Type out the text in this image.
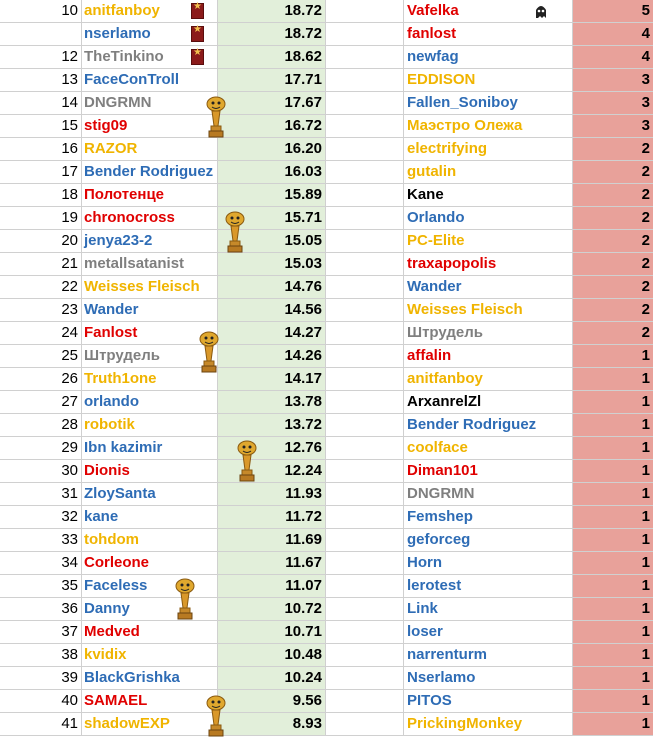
10 anitfanboy	18.72	Vafelka	5
nserlamo	18.72	fanlost	4
12 TheTinkino	18.62	newfag	4
13 FaceConTroll	17.71	EDDISON	3
14 DNGRMN	17.67	Fallen_Soniboy	3
15 stig09	16.72	Маэстро Олежа	3
16 RAZOR	16.20	electrifying	2
17 Bender Rodriguez	16.03	gutalin	2
18 Полотенце	15.89	Kane	2
19 chronocross	15.71	Orlando	2
20 jenya23-2	15.05	PC-Elite	2
21 metallsatanist	15.03	traxapopolis	2
22 Weisses Fleisch	14.76	Wander	2
23 Wander	14.56	Weisses Fleisch	2
24 Fanlost	14.27	Штрудель	2
25 Штрудель	14.26	affalin	1
26 Truth1one	14.17	anitfanboy	1
27 orlando	13.78	ArxanrelZl	1
28 robotik	13.72	Bender Rodriguez	1
29 Ibn kazimir	12.76	coolface	1
30 Dionis	12.24	Diman101	1
31 ZloySanta	11.93	DNGRMN	1
32 kane	11.72	Femshep	1
33 tohdom	11.69	geforceg	1
34 Corleone	11.67	Horn	1
35 Faceless	11.07	lerotest	1
36 Danny	10.72	Link	1
37 Medved	10.71	loser	1
38 kvidix	10.48	narrenturm	1
39 BlackGrishka	10.24	Nserlamo	1
40 SAMAEL	9.56	PITOS	1
41 shadowEXP	8.93	PrickingMonkey	1
★
★
★
